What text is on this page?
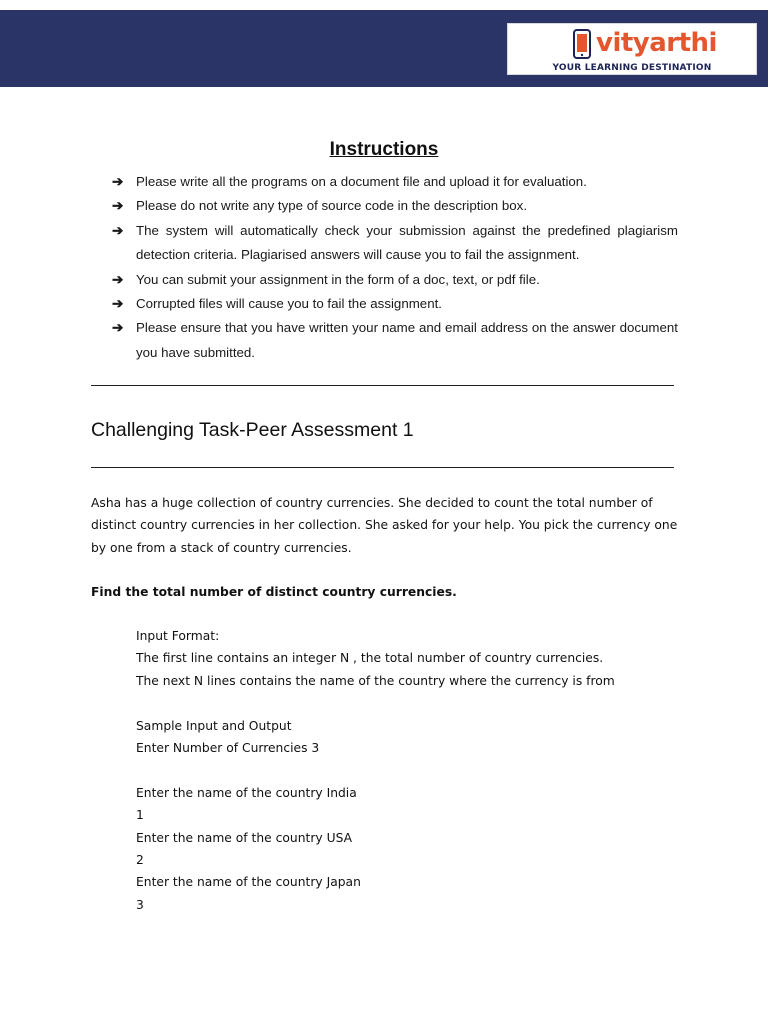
vityarthi
YOUR LEARNING DESTINATION
Instructions
➔ Please write all the programs on a document file and upload it for evaluation.
➔ Please do not write any type of source code in the description box.
➔ The system will automatically check your submission against the predefined plagiarism detection criteria. Plagiarised answers will cause you to fail the assignment.
➔ You can submit your assignment in the form of a doc, text, or pdf file.
➔ Corrupted files will cause you to fail the assignment.
➔ Please ensure that you have written your name and email address on the answer document you have submitted.
Challenging Task-Peer Assessment 1

Asha has a huge collection of country currencies. She decided to count the total number of distinct country currencies in her collection. She asked for your help. You pick the currency one by one from a stack of country currencies.

Find the total number of distinct country currencies.

Input Format:
The first line contains an integer N , the total number of country currencies.
The next N lines contains the name of the country where the currency is from
Sample Input and Output
Enter Number of Currencies 3
Enter the name of the country India
1
Enter the name of the country USA
2
Enter the name of the country Japan
3
